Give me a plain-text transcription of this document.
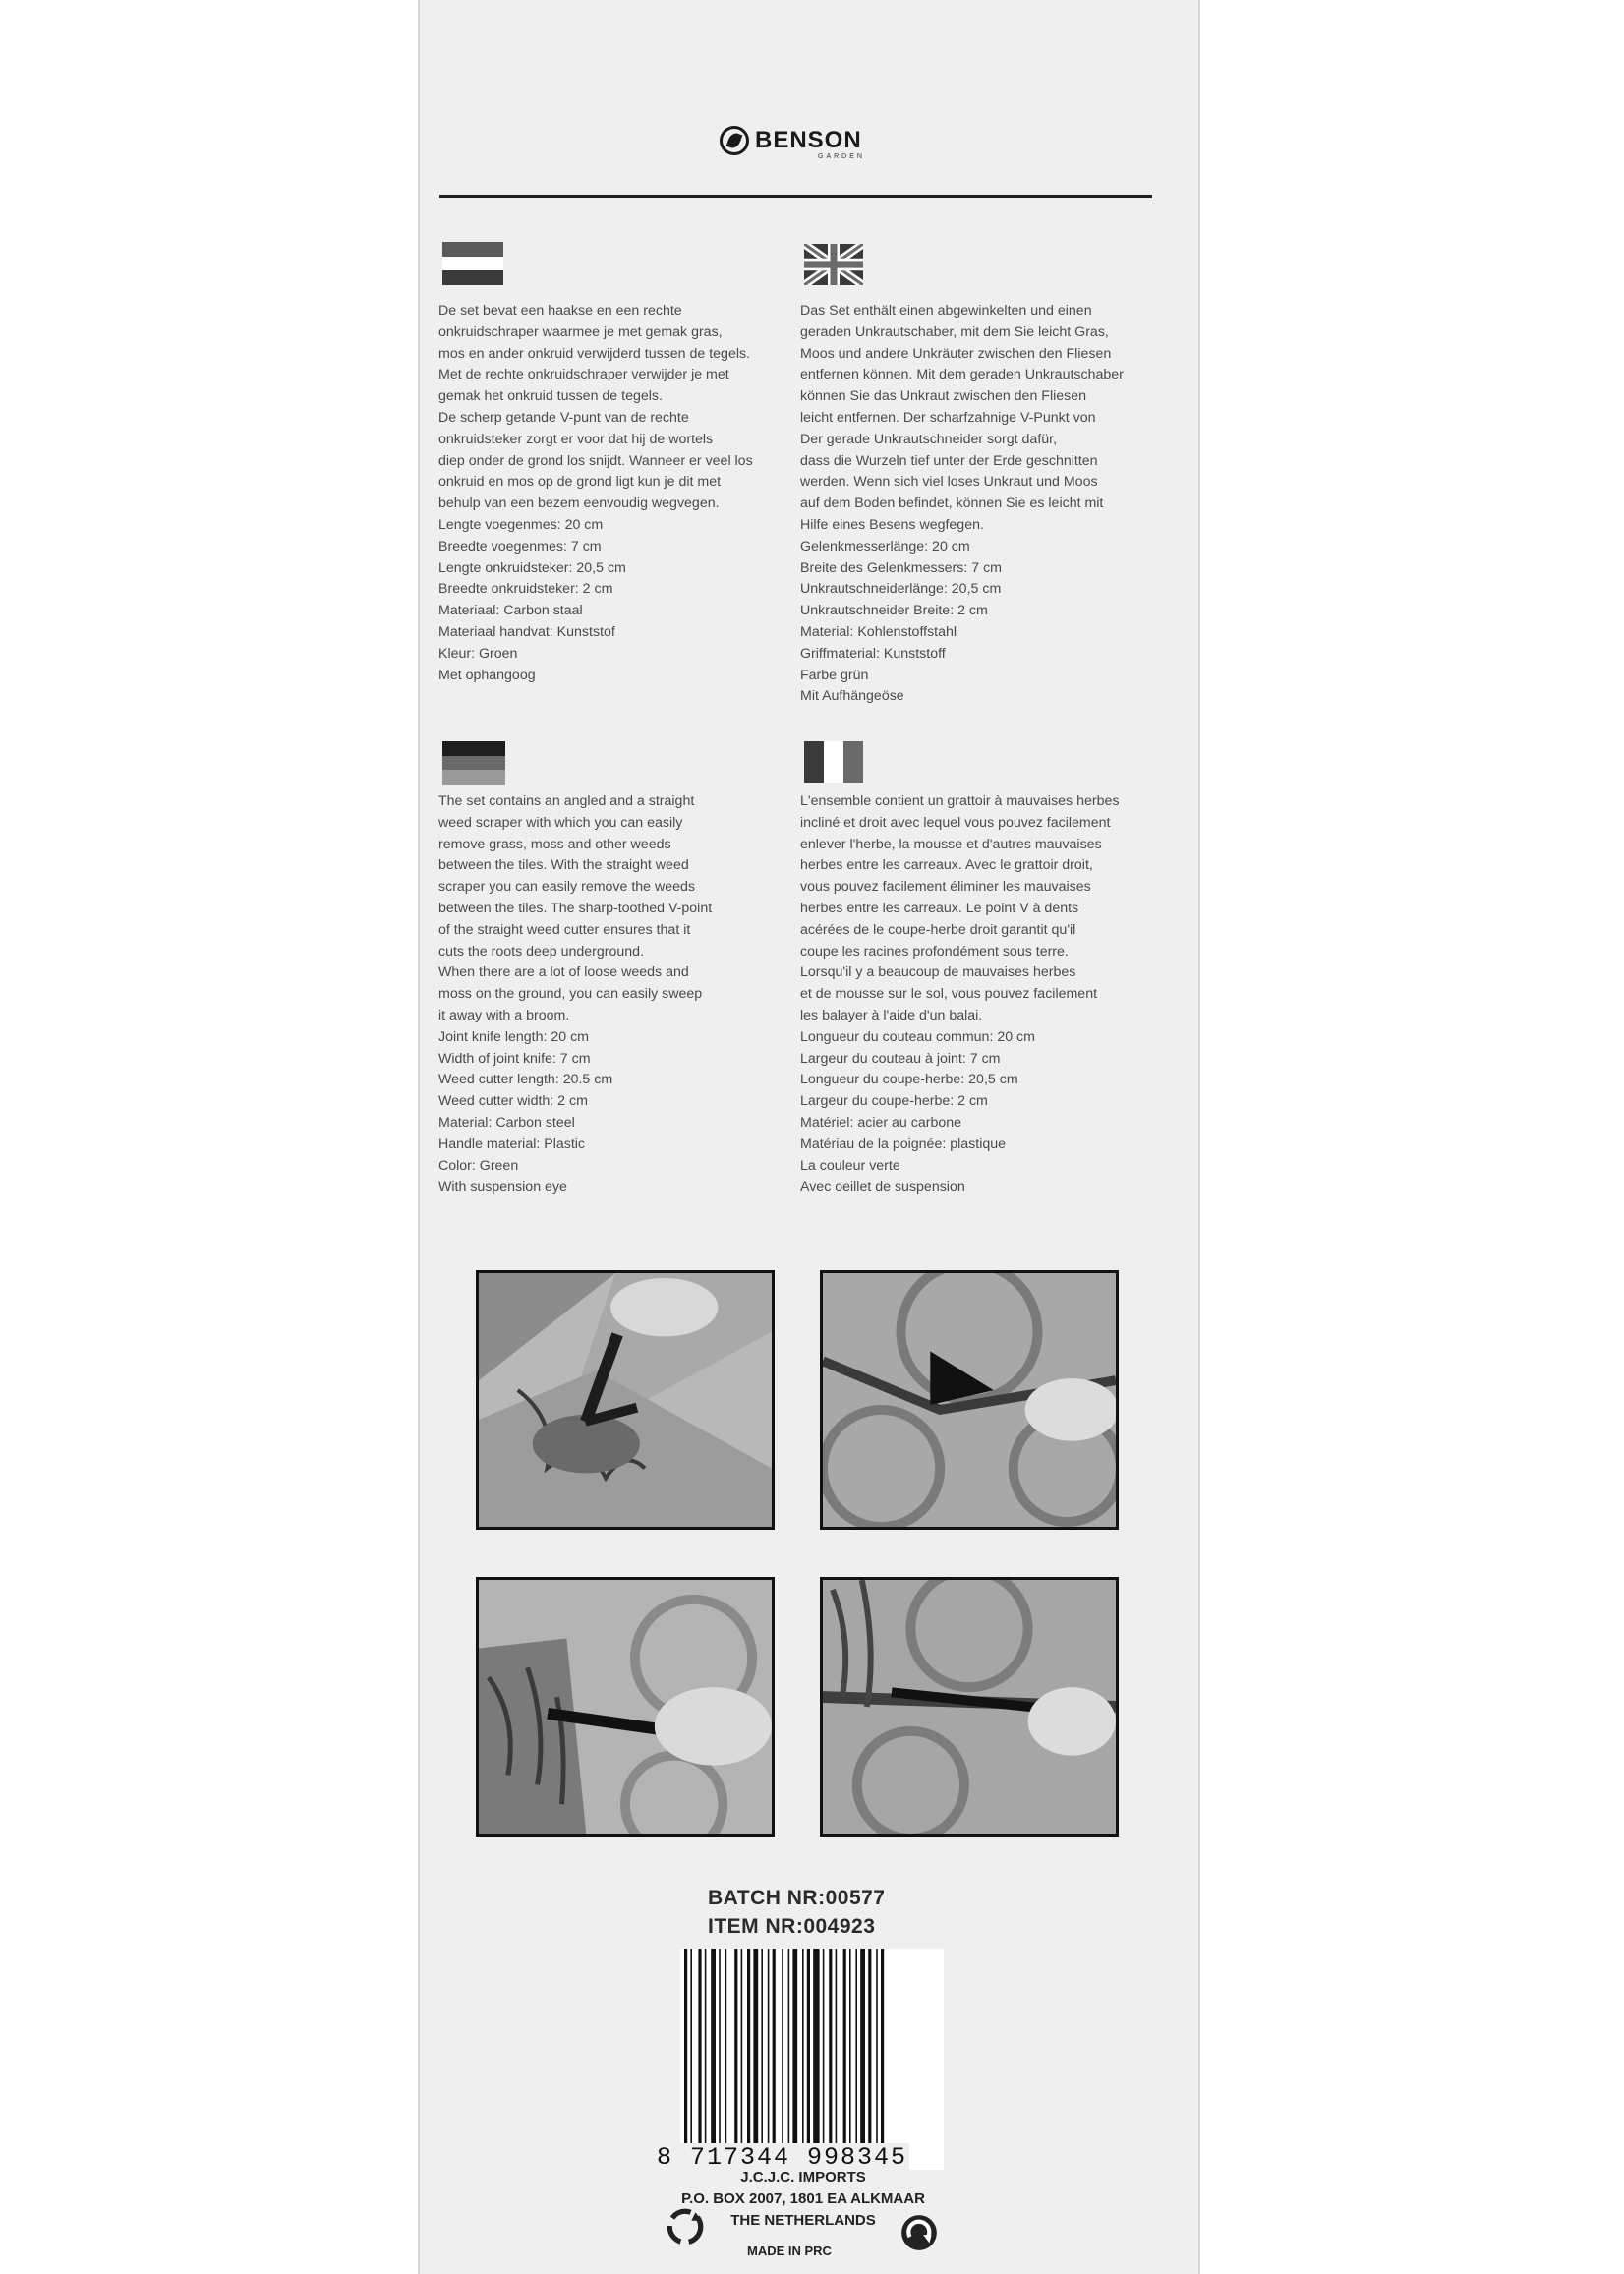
BENSON
GARDEN

De set bevat een haakse en een rechte

onkruidschraper waarmee je met gemak gras,

mos en ander onkruid verwijderd tussen de tegels.

Met de rechte onkruidschraper verwijder je met

gemak het onkruid tussen de tegels.

De scherp getande V-punt van de rechte

onkruidsteker zorgt er voor dat hij de wortels

diep onder de grond los snijdt. Wanneer er veel los

onkruid en mos op de grond ligt kun je dit met

behulp van een bezem eenvoudig wegvegen.

Lengte voegenmes: 20 cm

Breedte voegenmes: 7 cm

Lengte onkruidsteker: 20,5 cm

Breedte onkruidsteker: 2 cm

Materiaal: Carbon staal

Materiaal handvat: Kunststof

Kleur: Groen

Met ophangoog

Das Set enthält einen abgewinkelten und einen

geraden Unkrautschaber, mit dem Sie leicht Gras,

Moos und andere Unkräuter zwischen den Fliesen

entfernen können. Mit dem geraden Unkrautschaber

können Sie das Unkraut zwischen den Fliesen

leicht entfernen. Der scharfzahnige V-Punkt von

Der gerade Unkrautschneider sorgt dafür,

dass die Wurzeln tief unter der Erde geschnitten

werden. Wenn sich viel loses Unkraut und Moos

auf dem Boden befindet, können Sie es leicht mit

Hilfe eines Besens wegfegen.

Gelenkmesserlänge: 20 cm

Breite des Gelenkmessers: 7 cm

Unkrautschneiderlänge: 20,5 cm

Unkrautschneider Breite: 2 cm

Material: Kohlenstoffstahl

Griffmaterial: Kunststoff

Farbe grün

Mit Aufhängeöse

The set contains an angled and a straight

weed scraper with which you can easily

remove grass, moss and other weeds

between the tiles. With the straight weed

scraper you can easily remove the weeds

between the tiles. The sharp-toothed V-point

of the straight weed cutter ensures that it

cuts the roots deep underground.

When there are a lot of loose weeds and

moss on the ground, you can easily sweep

it away with a broom.

Joint knife length: 20 cm

Width of joint knife: 7 cm

Weed cutter length: 20.5 cm

Weed cutter width: 2 cm

Material: Carbon steel

Handle material: Plastic

Color: Green

With suspension eye

L'ensemble contient un grattoir à mauvaises herbes

incliné et droit avec lequel vous pouvez facilement

enlever l'herbe, la mousse et d'autres mauvaises

herbes entre les carreaux. Avec le grattoir droit,

vous pouvez facilement éliminer les mauvaises

herbes entre les carreaux. Le point V à dents

acérées de le coupe-herbe droit garantit qu'il

coupe les racines profondément sous terre.

Lorsqu'il y a beaucoup de mauvaises herbes

et de mousse sur le sol, vous pouvez facilement

les balayer à l'aide d'un balai.

Longueur du couteau commun: 20 cm

Largeur du couteau à joint: 7 cm

Longueur du coupe-herbe: 20,5 cm

Largeur du coupe-herbe: 2 cm

Matériel: acier au carbone

Matériau de la poignée: plastique

La couleur verte

Avec oeillet de suspension

BATCH NR:00577
ITEM NR:004923
8 717344 998345
J.C.J.C. IMPORTS
P.O. BOX 2007, 1801 EA ALKMAAR
THE NETHERLANDS
MADE IN PRC
